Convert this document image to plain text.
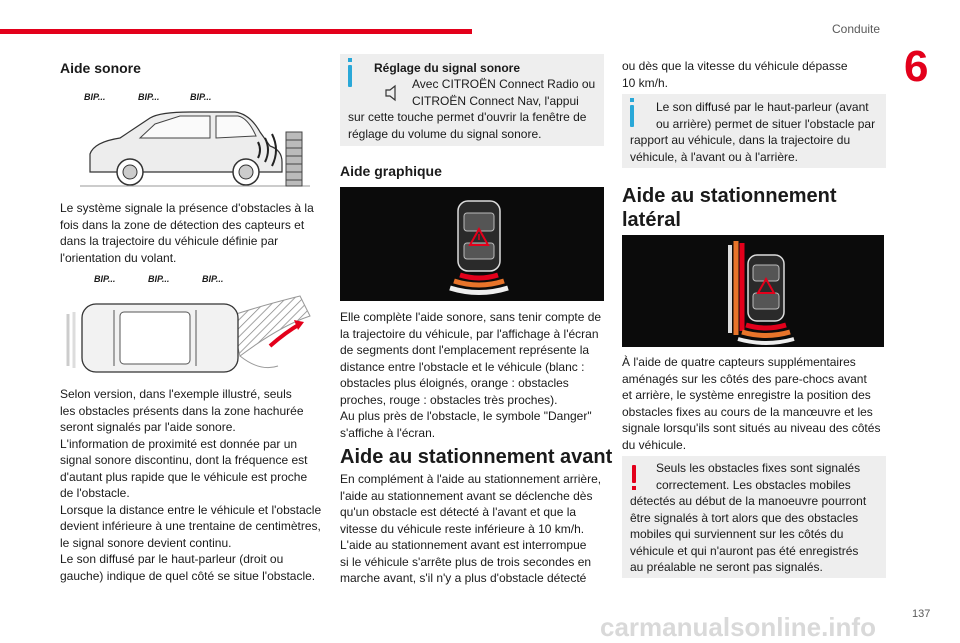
Conduite
6
Aide sonore
BIP...	BIP...	BIP...
Le système signale la présence d'obstacles à la fois dans la zone de détection des capteurs et dans la trajectoire du véhicule définie par l'orientation du volant.
BIP...	BIP...	BIP...
Selon version, dans l'exemple illustré, seuls
les obstacles présents dans la zone hachurée
seront signalés par l'aide sonore.
L'information de proximité est donnée par un
signal sonore discontinu, dont la fréquence est
d'autant plus rapide que le véhicule est proche
de l'obstacle.
Lorsque la distance entre le véhicule et l'obstacle
devient inférieure à une trentaine de centimètres,
le signal sonore devient continu.
Le son diffusé par le haut-parleur (droit ou
gauche) indique de quel côté se situe l'obstacle.
Réglage du signal sonore
Avec CITROËN Connect Radio ou
CITROËN Connect Nav, l'appui
sur cette touche permet d'ouvrir la fenêtre de
réglage du volume du signal sonore.
Aide graphique
Elle complète l'aide sonore, sans tenir compte de
la trajectoire du véhicule, par l'affichage à l'écran
de segments dont l'emplacement représente la
distance entre l'obstacle et le véhicule (blanc :
obstacles plus éloignés, orange : obstacles
proches, rouge : obstacles très proches).
Au plus près de l'obstacle, le symbole "Danger"
s'affiche à l'écran.
Aide au stationnement avant
En complément à l'aide au stationnement arrière,
l'aide au stationnement avant se déclenche dès
qu'un obstacle est détecté à l'avant et que la
vitesse du véhicule reste inférieure à 10 km/h.
L'aide au stationnement avant est interrompue
si le véhicule s'arrête plus de trois secondes en
marche avant, s'il n'y a plus d'obstacle détecté
ou dès que la vitesse du véhicule dépasse
10 km/h.
Le son diffusé par le haut-parleur (avant
ou arrière) permet de situer l'obstacle par
rapport au véhicule, dans la trajectoire du
véhicule, à l'avant ou à l'arrière.
Aide au stationnement
latéral
À l'aide de quatre capteurs supplémentaires
aménagés sur les côtés des pare-chocs avant
et arrière, le système enregistre la position des
obstacles fixes au cours de la manœuvre et les
signale lorsqu'ils sont situés au niveau des côtés
du véhicule.
Seuls les obstacles fixes sont signalés
correctement. Les obstacles mobiles
détectés au début de la manoeuvre pourront
être signalés à tort alors que des obstacles
mobiles qui surviennent sur les côtés du
véhicule et qui n'auront pas été enregistrés
au préalable ne seront pas signalés.
carmanualsonline.info	137
